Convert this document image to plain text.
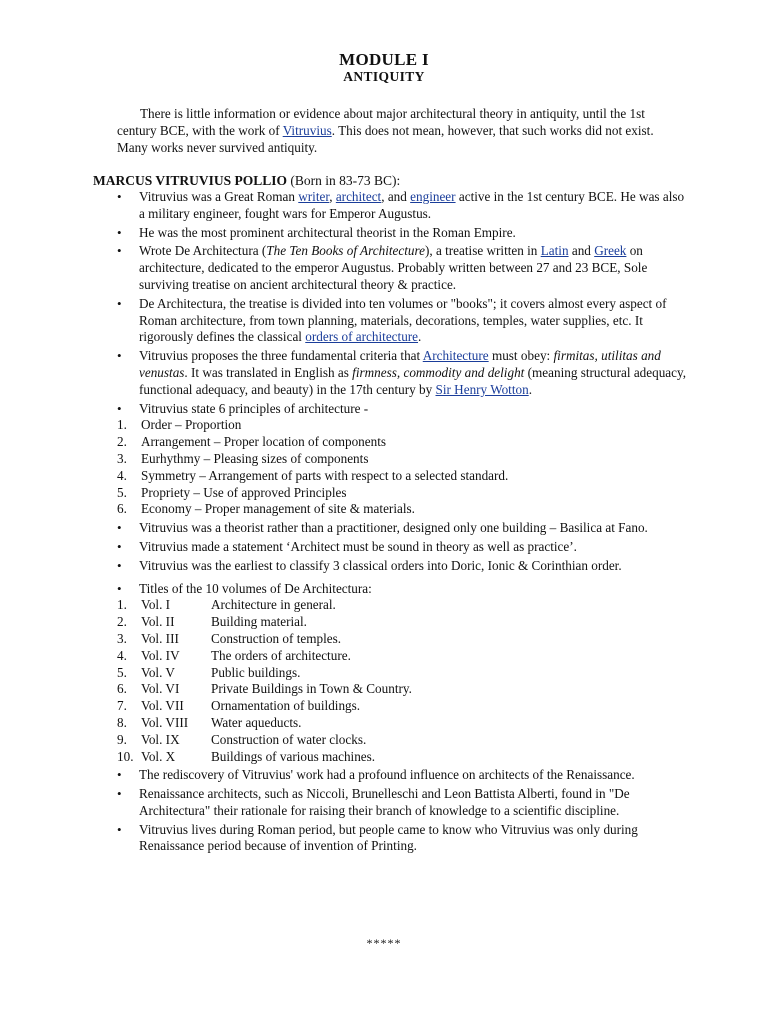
MODULE I
ANTIQUITY

There is little information or evidence about major architectural theory in antiquity, until the 1st century BCE, with the work of Vitruvius. This does not mean, however, that such works did not exist. Many works never survived antiquity.

MARCUS VITRUVIUS POLLIO (Born in 83-73 BC):
• Vitruvius was a Great Roman writer, architect, and engineer active in the 1st century BCE. He was also a military engineer, fought wars for Emperor Augustus.
• He was the most prominent architectural theorist in the Roman Empire.
• Wrote De Architectura (The Ten Books of Architecture), a treatise written in Latin and Greek on architecture, dedicated to the emperor Augustus. Probably written between 27 and 23 BCE, Sole surviving treatise on ancient architectural theory & practice.
• De Architectura, the treatise is divided into ten volumes or "books"; it covers almost every aspect of Roman architecture, from town planning, materials, decorations, temples, water supplies, etc. It rigorously defines the classical orders of architecture.
• Vitruvius proposes the three fundamental criteria that Architecture must obey: firmitas, utilitas and venustas. It was translated in English as firmness, commodity and delight (meaning structural adequacy, functional adequacy, and beauty) in the 17th century by Sir Henry Wotton.
• Vitruvius state 6 principles of architecture -
1. Order – Proportion
2. Arrangement – Proper location of components
3. Eurhythmy – Pleasing sizes of components
4. Symmetry – Arrangement of parts with respect to a selected standard.
5. Propriety – Use of approved Principles
6. Economy – Proper management of site & materials.
• Vitruvius was a theorist rather than a practitioner, designed only one building – Basilica at Fano.
• Vitruvius made a statement ‘Architect must be sound in theory as well as practice’.
• Vitruvius was the earliest to classify 3 classical orders into Doric, Ionic & Corinthian order.
• Titles of the 10 volumes of De Architectura:
1. Vol. I	Architecture in general.
2. Vol. II	Building material.
3. Vol. III Construction of temples.
4. Vol. IV The orders of architecture.
5. Vol. V	Public buildings.
6. Vol. VI Private Buildings in Town & Country.
7. Vol. VII Ornamentation of buildings.
8. Vol. VIII Water aqueducts.
9. Vol. IX Construction of water clocks.
10. Vol. X	Buildings of various machines.
• The rediscovery of Vitruvius' work had a profound influence on architects of the Renaissance.
• Renaissance architects, such as Niccoli, Brunelleschi and Leon Battista Alberti, found in "De Architectura" their rationale for raising their branch of knowledge to a scientific discipline.
• Vitruvius lives during Roman period, but people came to know who Vitruvius was only during Renaissance period because of invention of Printing.
*****
